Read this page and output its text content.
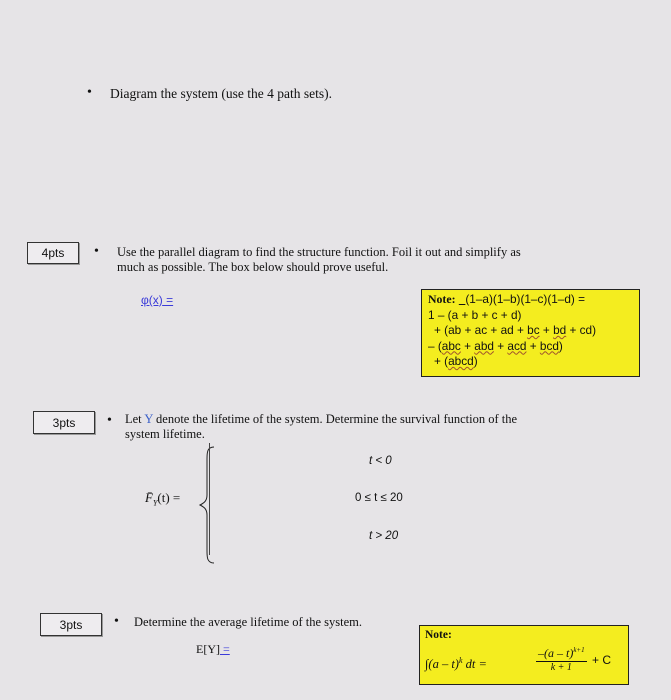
• Diagram the system (use the 4 path sets).
4pts	• Use the parallel diagram to find the structure function. Foil it out and simplify as
much as possible. The box below should prove useful.
φ(x) =	Note: (1–a)(1–b)(1–c)(1–d) =
1 – (a + b + c + d)
+ (ab + ac + ad + bc + bd + cd)
– (abc + abd + acd + bcd)
+ (abcd)
3pts	• Let Y denote the lifetime of the system. Determine the survival function of the
system lifetime.
$F̄_Y(t)$ =
t < 0
0 ≤ t ≤ 20
t > 20
3pts	• Determine the average lifetime of the system.
E[Y] =
Note:
∫(a – t)$^k$ dt =
–(a – t)$^{k+1}$
k + 1
+ C
